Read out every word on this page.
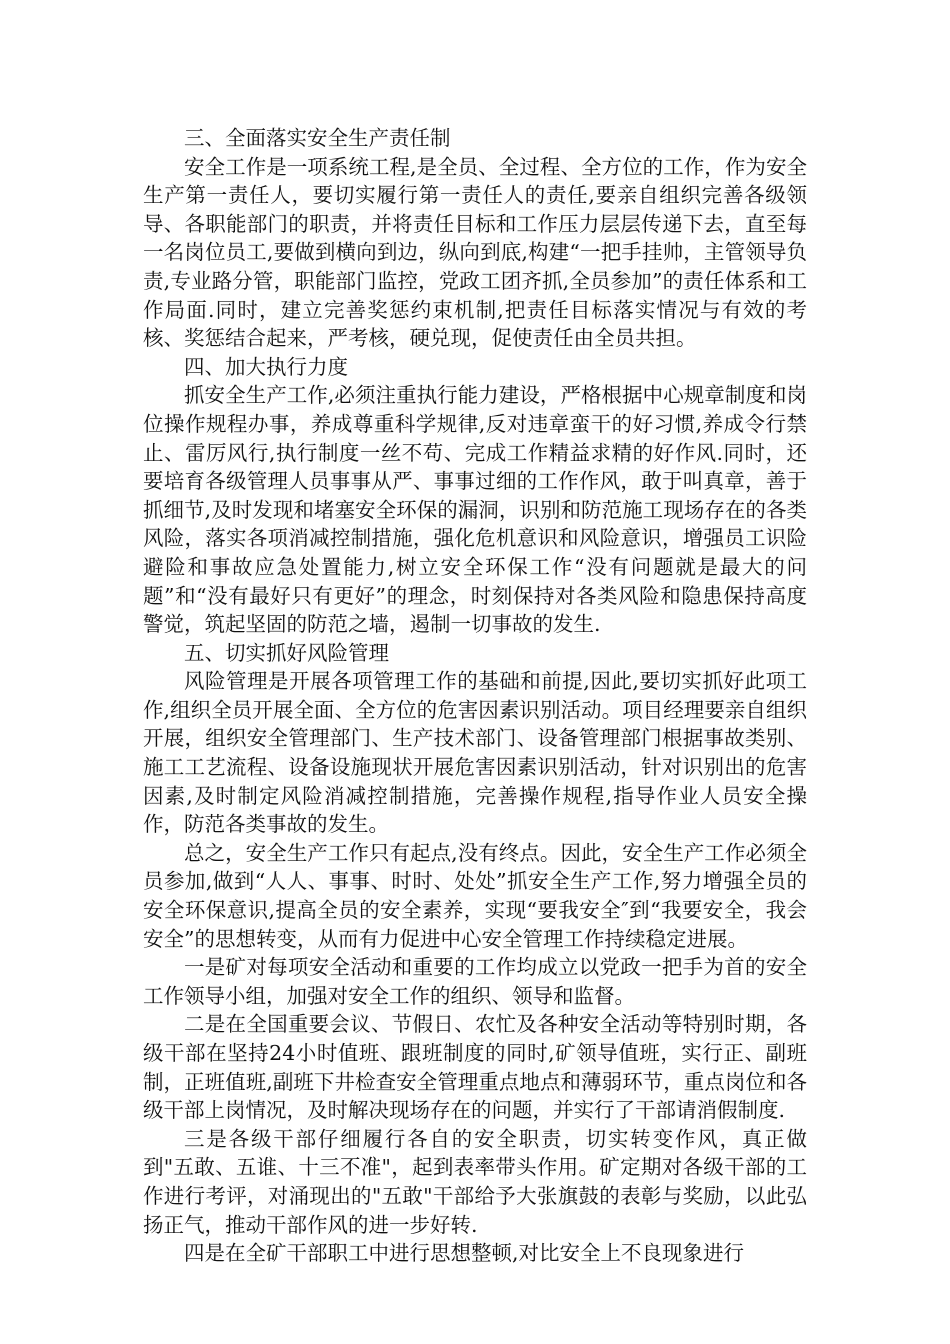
三、全面落实安全生产责任制

安全工作是一项系统工程,是全员、全过程、全方位的工作，作为安全生产第一责任人，要切实履行第一责任人的责任,要亲自组织完善各级领导、各职能部门的职责，并将责任目标和工作压力层层传递下去，直至每一名岗位员工,要做到横向到边，纵向到底,构建“一把手挂帅，主管领导负责,专业路分管，职能部门监控，党政工团齐抓,全员参加”的责任体系和工作局面.同时，建立完善奖惩约束机制,把责任目标落实情况与有效的考核、奖惩结合起来，严考核，硬兑现，促使责任由全员共担。

四、加大执行力度

抓安全生产工作,必须注重执行能力建设，严格根据中心规章制度和岗位操作规程办事，养成尊重科学规律,反对违章蛮干的好习惯,养成令行禁止、雷厉风行,执行制度一丝不苟、完成工作精益求精的好作风.同时，还要培育各级管理人员事事从严、事事过细的工作作风，敢于叫真章，善于抓细节,及时发现和堵塞安全环保的漏洞，识别和防范施工现场存在的各类风险，落实各项消减控制措施，强化危机意识和风险意识，增强员工识险避险和事故应急处置能力,树立安全环保工作“没有问题就是最大的问题”和“没有最好只有更好”的理念，时刻保持对各类风险和隐患保持高度警觉，筑起坚固的防范之墙，遏制一切事故的发生.

五、切实抓好风险管理

风险管理是开展各项管理工作的基础和前提,因此,要切实抓好此项工作,组织全员开展全面、全方位的危害因素识别活动。项目经理要亲自组织开展，组织安全管理部门、生产技术部门、设备管理部门根据事故类别、施工工艺流程、设备设施现状开展危害因素识别活动，针对识别出的危害因素,及时制定风险消减控制措施，完善操作规程,指导作业人员安全操作，防范各类事故的发生。

总之，安全生产工作只有起点,没有终点。因此，安全生产工作必须全员参加,做到“人人、事事、时时、处处”抓安全生产工作,努力增强全员的安全环保意识,提高全员的安全素养，实现“要我安全″到“我要安全，我会安全”的思想转变，从而有力促进中心安全管理工作持续稳定进展。

一是矿对每项安全活动和重要的工作均成立以党政一把手为首的安全工作领导小组，加强对安全工作的组织、领导和监督。

二是在全国重要会议、节假日、农忙及各种安全活动等特别时期，各级干部在坚持24小时值班、跟班制度的同时,矿领导值班，实行正、副班制，正班值班,副班下井检查安全管理重点地点和薄弱环节，重点岗位和各级干部上岗情况，及时解决现场存在的问题，并实行了干部请消假制度.

三是各级干部仔细履行各自的安全职责，切实转变作风，真正做到"五敢、五谁、十三不准"，起到表率带头作用。矿定期对各级干部的工作进行考评，对涌现出的"五敢"干部给予大张旗鼓的表彰与奖励，以此弘扬正气，推动干部作风的进一步好转.

四是在全矿干部职工中进行思想整顿,对比安全上不良现象进行
